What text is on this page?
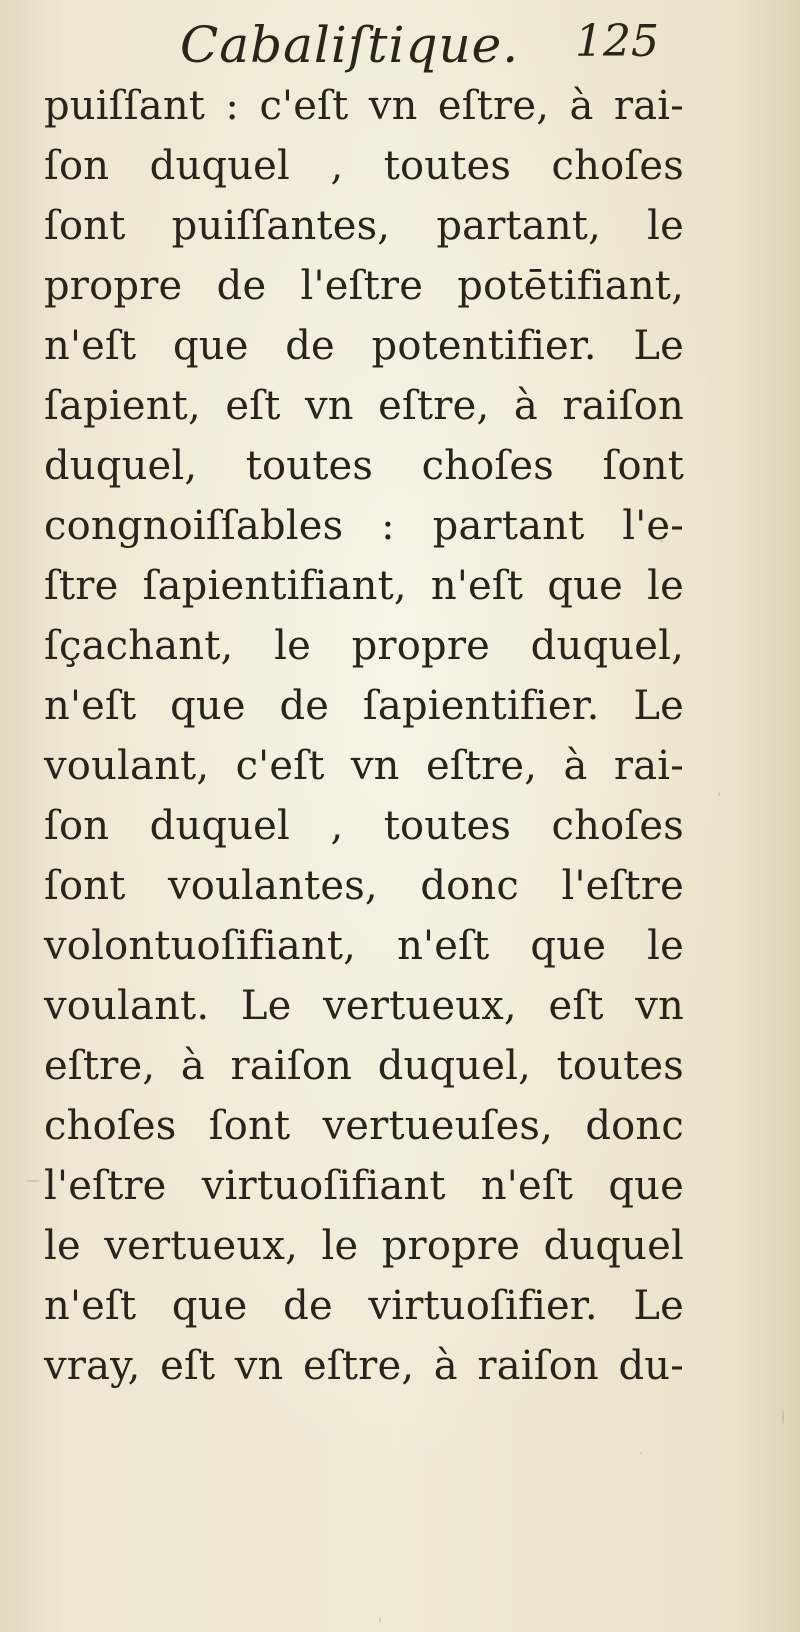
Cabaliſtique. 125
puiſſant : c'eſt vn eſtre, à rai-
ſon duquel , toutes choſes
ſont puiſſantes, partant, le
propre de l'eſtre potētifiant,
n'eſt que de potentifier. Le
ſapient, eſt vn eſtre, à raiſon
duquel, toutes choſes ſont
congnoiſſables : partant l'e-
ſtre ſapientifiant, n'eſt que le
ſçachant, le propre duquel,
n'eſt que de ſapientifier. Le
voulant, c'eſt vn eſtre, à rai-
ſon duquel , toutes choſes
ſont voulantes, donc l'eſtre
volontuoſifiant, n'eſt que le
voulant. Le vertueux, eſt vn
eſtre, à raiſon duquel, toutes
choſes ſont vertueuſes, donc
l'eſtre virtuoſifiant n'eſt que
le vertueux, le propre duquel
n'eſt que de virtuoſifier. Le
vray, eſt vn eſtre, à raiſon du-
